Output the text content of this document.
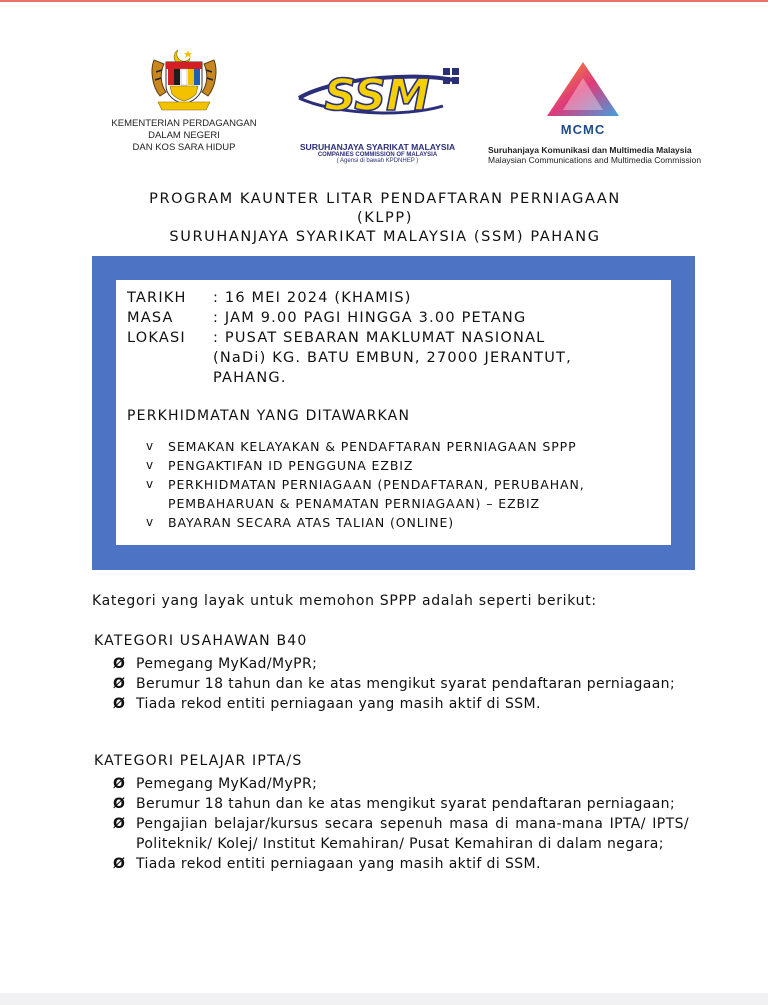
KEMENTERIAN PERDAGANGAN DALAM NEGERI
DAN KOS SARA HIDUP
SSM
SURUHANJAYA SYARIKAT MALAYSIA
COMPANIES COMMISSION OF MALAYSIA
( Agensi di bawah KPDNHEP )
MCMC
Suruhanjaya Komunikasi dan Multimedia Malaysia
Malaysian Communications and Multimedia Commission
PROGRAM KAUNTER LITAR PENDAFTARAN PERNIAGAAN
(KLPP)
SURUHANJAYA SYARIKAT MALAYSIA (SSM) PAHANG
TARIKH : 16 MEI 2024 (KHAMIS)
MASA	: JAM 9.00 PAGI HINGGA 3.00 PETANG
LOKASI : PUSAT SEBARAN MAKLUMAT NASIONAL
(NaDi) KG. BATU EMBUN, 27000 JERANTUT,
PAHANG.
PERKHIDMATAN YANG DITAWARKAN
v SEMAKAN KELAYAKAN & PENDAFTARAN PERNIAGAAN SPPP
v PENGAKTIFAN ID PENGGUNA EZBIZ
v PERKHIDMATAN PERNIAGAAN (PENDAFTARAN, PERUBAHAN,
PEMBAHARUAN & PENAMATAN PERNIAGAAN) – EZBIZ
v BAYARAN SECARA ATAS TALIAN (ONLINE)
Kategori yang layak untuk memohon SPPP adalah seperti berikut:
KATEGORI USAHAWAN B40
Ø Pemegang MyKad/MyPR;
Ø Berumur 18 tahun dan ke atas mengikut syarat pendaftaran perniagaan;
Ø Tiada rekod entiti perniagaan yang masih aktif di SSM.
KATEGORI PELAJAR IPTA/S
Ø Pemegang MyKad/MyPR;
Ø Berumur 18 tahun dan ke atas mengikut syarat pendaftaran perniagaan;
Ø Pengajian belajar/kursus secara sepenuh masa di mana-mana IPTA/ IPTS/ Politeknik/ Kolej/ Institut Kemahiran/ Pusat Kemahiran di dalam negara;
Ø Tiada rekod entiti perniagaan yang masih aktif di SSM.
